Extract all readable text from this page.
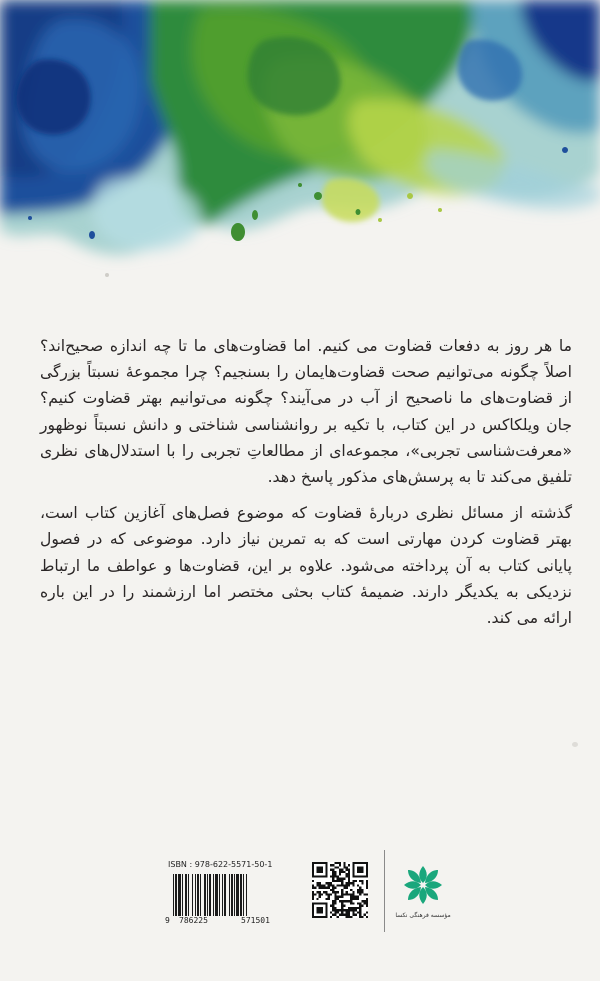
ما هر روز به دفعات قضاوت می کنیم. اما قضاوت‌های ما تا چه اندازه صحیح‌اند؟ اصلاً چگونه می‌توانیم صحت قضاوت‌هایمان را بسنجیم؟ چرا مجموعهٔ نسبتاً بزرگی از قضاوت‌های ما ناصحیح از آب در می‌آیند؟ چگونه می‌توانیم بهتر قضاوت کنیم؟ جان ویلکاکس در این کتاب، با تکیه بر روانشناسی شناختی و دانش نسبتاً نوظهور «معرفت‌شناسی تجربی»، مجموعه‌ای از مطالعاتِ تجربی را با استدلال‌های نظری تلفیق می‌کند تا به پرسش‌های مذکور پاسخ دهد.

گذشته از مسائل نظری دربارهٔ قضاوت که موضوع فصل‌های آغازین کتاب است، بهتر قضاوت کردن مهارتی است که به تمرین نیاز دارد. موضوعی که در فصول پایانی کتاب به آن پرداخته می‌شود. علاوه بر این، قضاوت‌ها و عواطف ما ارتباط نزدیکی به یکدیگر دارند. ضمیمهٔ کتاب بحثی مختصر اما ارزشمند را در این باره ارائه می کند.

ISBN : 978-622-5571-50-1
9 786225	571501
مؤسسه فرهنگی نکسا
